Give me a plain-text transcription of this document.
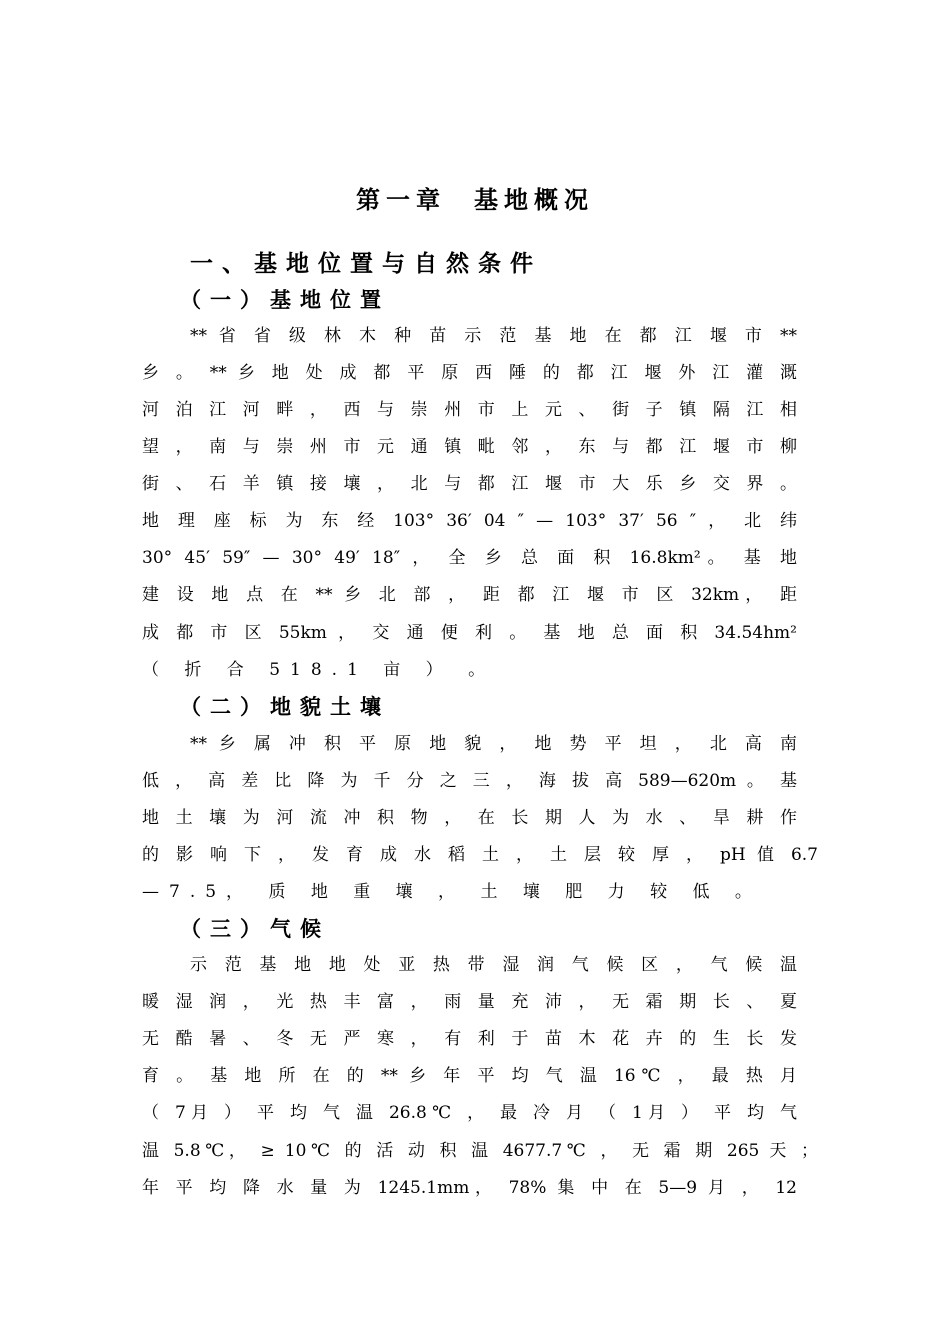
第一章 基地概况
一、基地位置与自然条件
（一）基地位置
** 省 省 级 林 木 种 苗 示 范 基 地 在 都 江 堰 市 **
乡 。 ** 乡 地 处 成 都 平 原 西 陲 的 都 江 堰 外 江 灌 溉
河 泊 江 河 畔 ， 西 与 崇 州 市 上 元 、 街 子 镇 隔 江 相
望 ， 南 与 崇 州 市 元 通 镇 毗 邻 ， 东 与 都 江 堰 市 柳
街 、 石 羊 镇 接 壤 ， 北 与 都 江 堰 市 大 乐 乡 交 界 。
地 理 座 标 为 东 经 103° 36′ 04 ″ — 103° 37′ 56 ″ ， 北 纬
30° 45′ 59″ — 30° 49′ 18″ ， 全 乡 总 面 积 16.8km²。 基 地
建 设 地 点 在 ** 乡 北 部 ， 距 都 江 堰 市 区 32km， 距
成 都 市 区 55km ， 交 通 便 利 。 基 地 总 面 积 34.54hm²
（ 折 合 518.1 亩 ） 。
（二）地貌土壤
** 乡 属 冲 积 平 原 地 貌 ， 地 势 平 坦 ， 北 高 南
低 ， 高 差 比 降 为 千 分 之 三 ， 海 拔 高 589—620m 。 基
地 土 壤 为 河 流 冲 积 物 ， 在 长 期 人 为 水 、 旱 耕 作
的 影 响 下 ， 发 育 成 水 稻 土 ， 土 层 较 厚 ， pH 值 6.7
—7.5， 质 地 重 壤 ， 土 壤 肥 力 较 低 。
（三）气候
示 范 基 地 地 处 亚 热 带 湿 润 气 候 区 ， 气 候 温
暖 湿 润 ， 光 热 丰 富 ， 雨 量 充 沛 ， 无 霜 期 长 、 夏
无 酷 暑 、 冬 无 严 寒 ， 有 利 于 苗 木 花 卉 的 生 长 发
育 。 基 地 所 在 的 ** 乡 年 平 均 气 温 16℃ ， 最 热 月
（ 7月 ） 平 均 气 温 26.8℃ ， 最 冷 月 （ 1月 ） 平 均 气
温 5.8℃， ≥ 10℃ 的 活 动 积 温 4677.7℃ ， 无 霜 期 265 天 ；
年 平 均 降 水 量 为 1245.1mm， 78% 集 中 在 5—9 月 ， 12
